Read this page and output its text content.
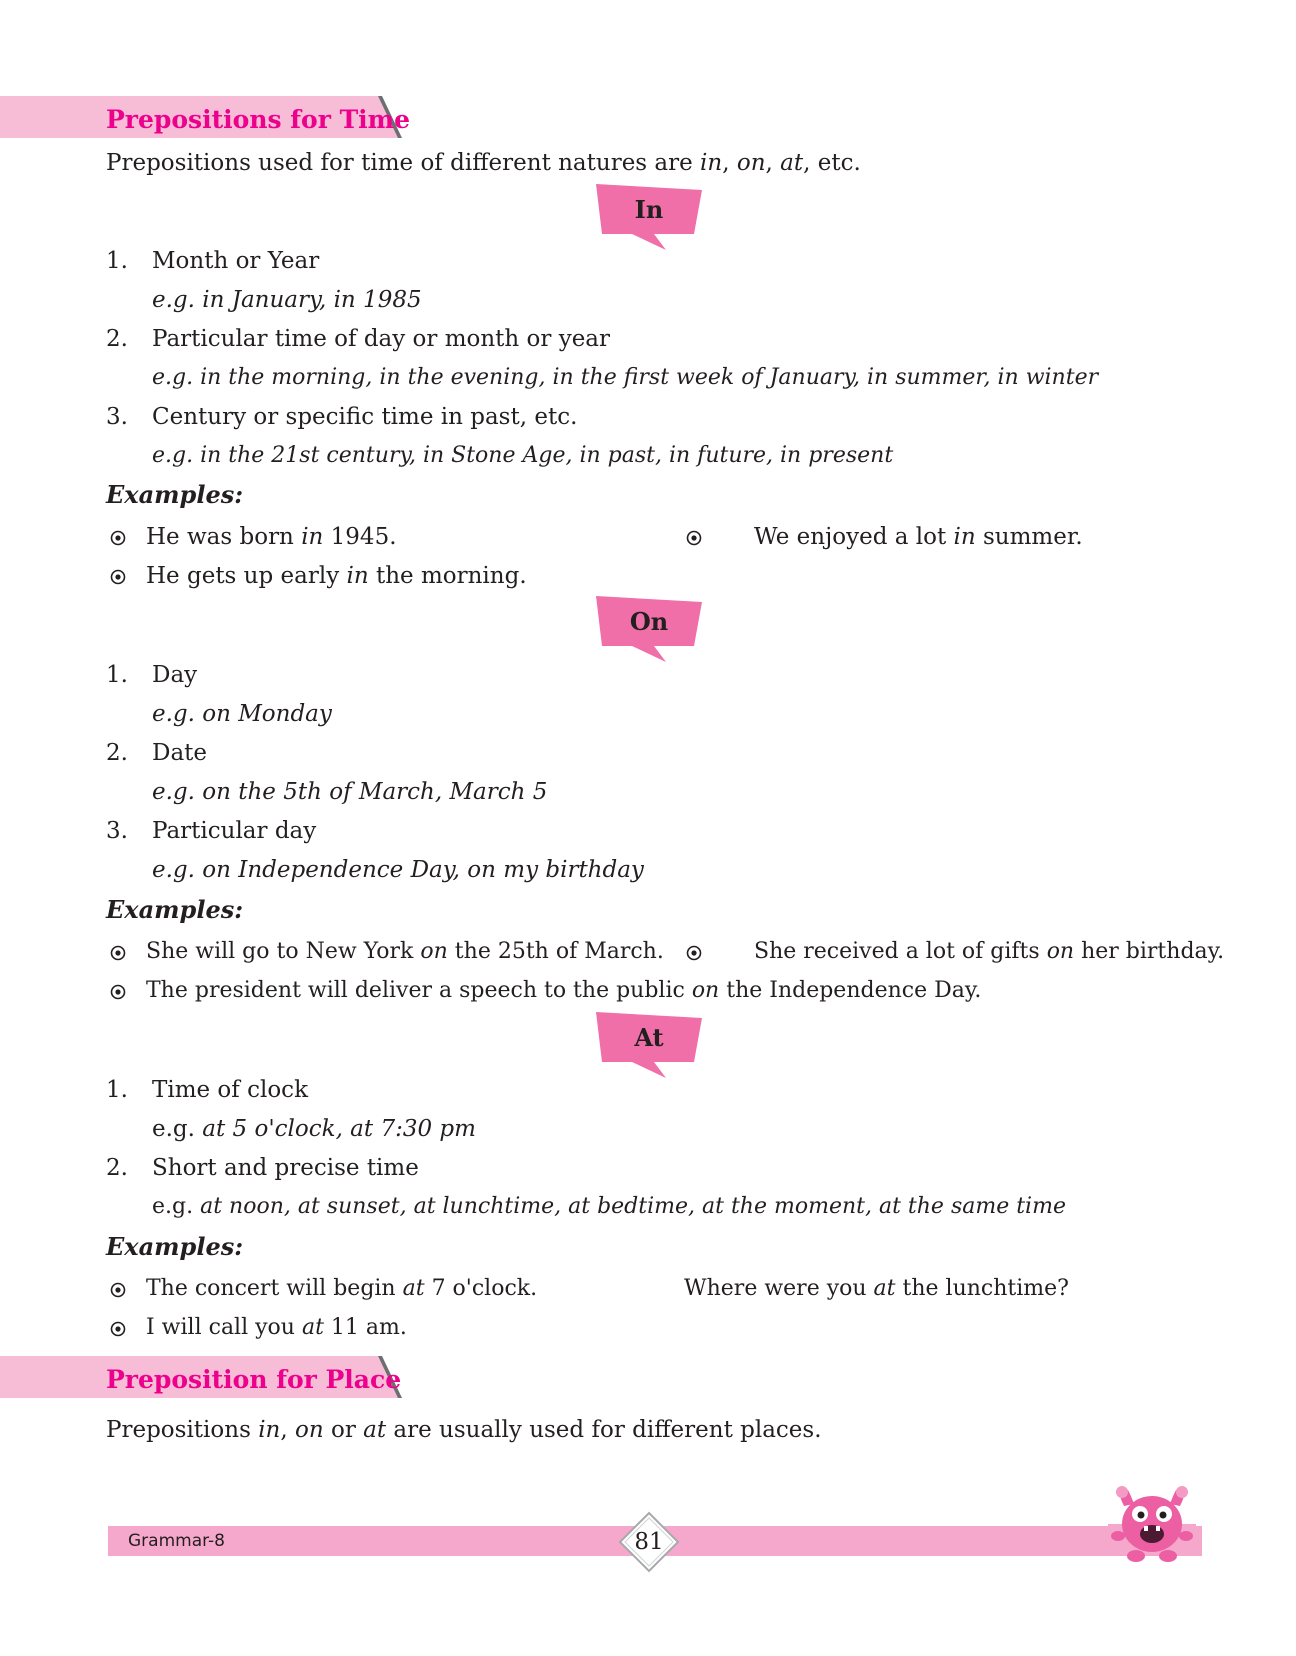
Prepositions for Time
Prepositions used for time of different natures are in, on, at, etc.
In
1. Month or Year
e.g. in January, in 1985
2. Particular time of day or month or year
e.g. in the morning, in the evening, in the first week of January, in summer, in winter
3. Century or specific time in past, etc.
e.g. in the 21st century, in Stone Age, in past, in future, in present
Examples:
He was born in 1945.	We enjoyed a lot in summer.
He gets up early in the morning.
On
1. Day
e.g. on Monday
2. Date
e.g. on the 5th of March, March 5
3. Particular day
e.g. on Independence Day, on my birthday
Examples:
She will go to New York on the 25th of March.	She received a lot of gifts on her birthday.
The president will deliver a speech to the public on the Independence Day.
At
1. Time of clock
e.g. at 5 o'clock, at 7:30 pm
2. Short and precise time
e.g. at noon, at sunset, at lunchtime, at bedtime, at the moment, at the same time
Examples:
The concert will begin at 7 o'clock.	Where were you at the lunchtime?
I will call you at 11 am.
Preposition for Place
Prepositions in, on or at are usually used for different places.
Grammar-8	81
